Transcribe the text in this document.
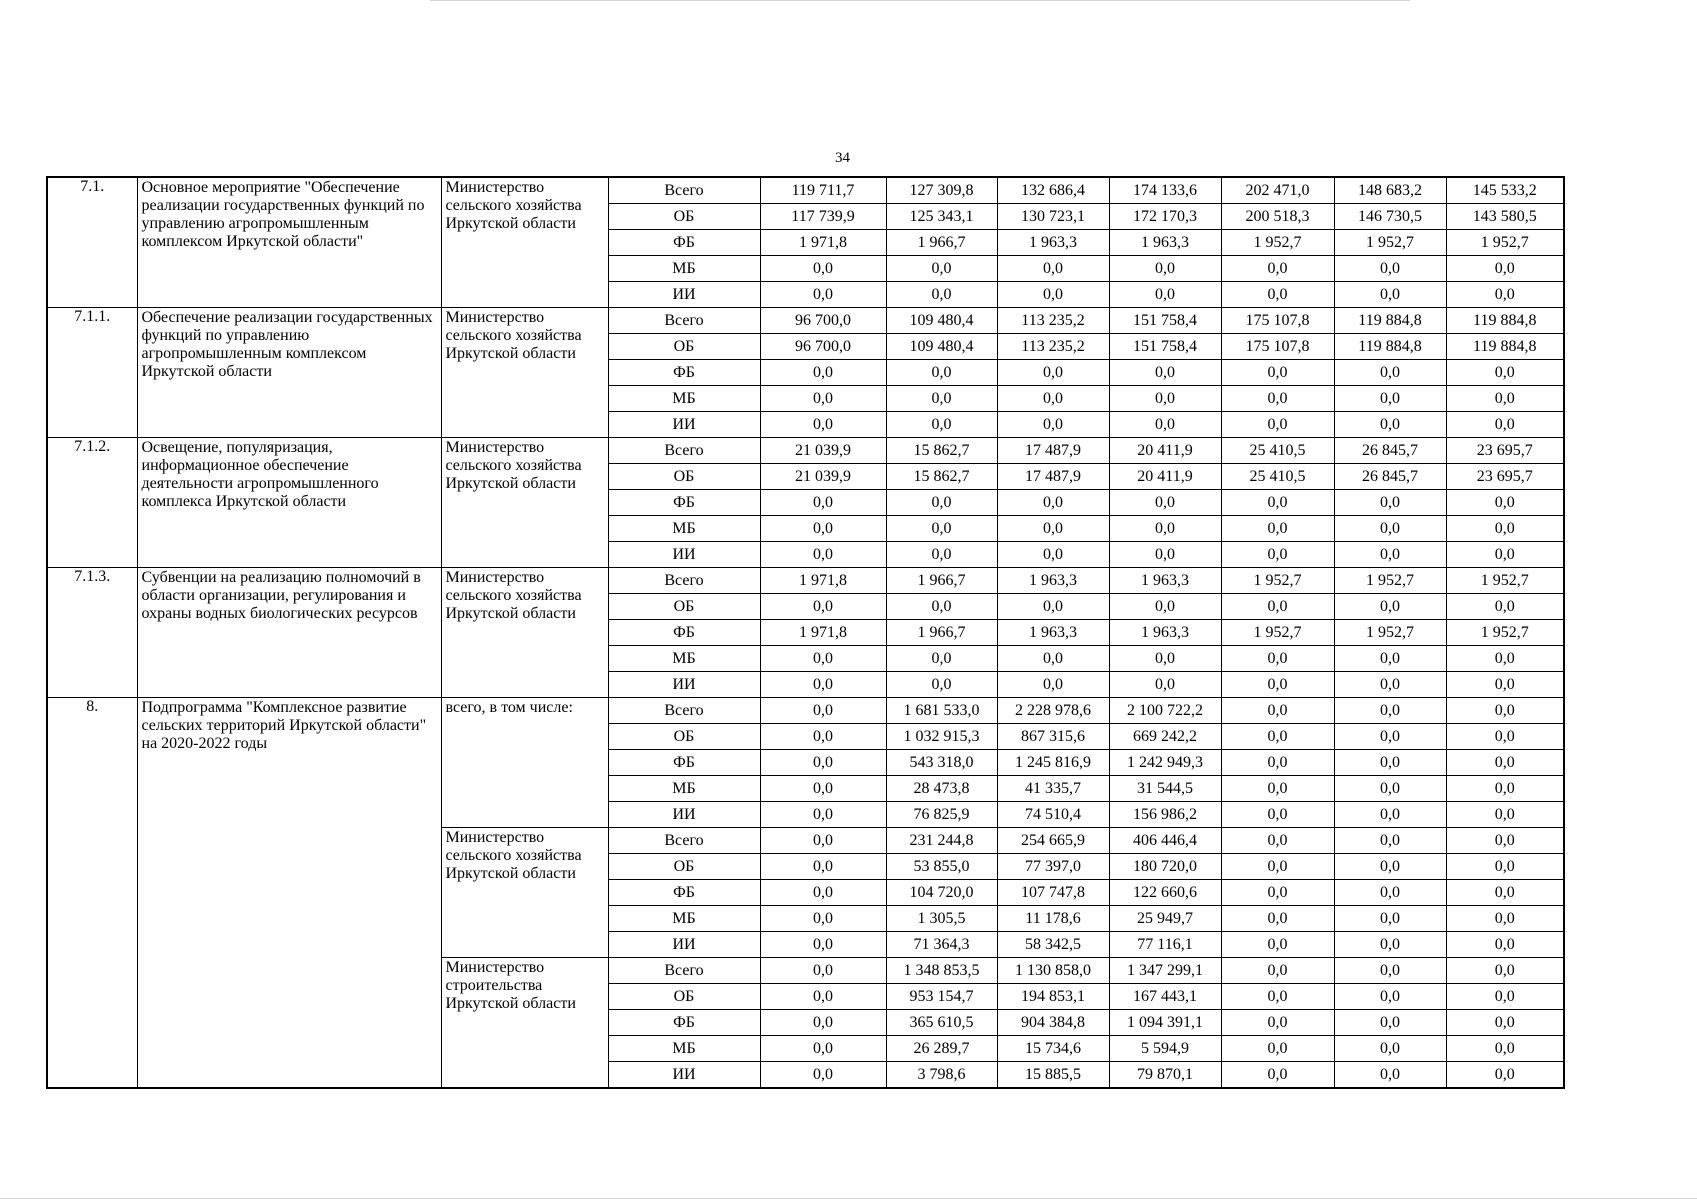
34
7.1.	Основное мероприятие "Обеспечение реализации государственных функций по управлению агропромышленным комплексом Иркутской области"	Министерство сельского хозяйства Иркутской области	Всего	119 711,7	127 309,8	132 686,4	174 133,6	202 471,0	148 683,2	145 533,2
			ОБ	117 739,9	125 343,1	130 723,1	172 170,3	200 518,3	146 730,5	143 580,5
			ФБ	1 971,8	1 966,7	1 963,3	1 963,3	1 952,7	1 952,7	1 952,7
			МБ	0,0	0,0	0,0	0,0	0,0	0,0	0,0
			ИИ	0,0	0,0	0,0	0,0	0,0	0,0	0,0
7.1.1.	Обеспечение реализации государственных функций по управлению агропромышленным комплексом Иркутской области	Министерство сельского хозяйства Иркутской области	Всего	96 700,0	109 480,4	113 235,2	151 758,4	175 107,8	119 884,8	119 884,8
			ОБ	96 700,0	109 480,4	113 235,2	151 758,4	175 107,8	119 884,8	119 884,8
			ФБ	0,0	0,0	0,0	0,0	0,0	0,0	0,0
			МБ	0,0	0,0	0,0	0,0	0,0	0,0	0,0
			ИИ	0,0	0,0	0,0	0,0	0,0	0,0	0,0
7.1.2.	Освещение, популяризация, информационное обеспечение деятельности агропромышленного комплекса Иркутской области	Министерство сельского хозяйства Иркутской области	Всего	21 039,9	15 862,7	17 487,9	20 411,9	25 410,5	26 845,7	23 695,7
			ОБ	21 039,9	15 862,7	17 487,9	20 411,9	25 410,5	26 845,7	23 695,7
			ФБ	0,0	0,0	0,0	0,0	0,0	0,0	0,0
			МБ	0,0	0,0	0,0	0,0	0,0	0,0	0,0
			ИИ	0,0	0,0	0,0	0,0	0,0	0,0	0,0
7.1.3.	Субвенции на реализацию полномочий в области организации, регулирования и охраны водных биологических ресурсов	Министерство сельского хозяйства Иркутской области	Всего	1 971,8	1 966,7	1 963,3	1 963,3	1 952,7	1 952,7	1 952,7
			ОБ	0,0	0,0	0,0	0,0	0,0	0,0	0,0
			ФБ	1 971,8	1 966,7	1 963,3	1 963,3	1 952,7	1 952,7	1 952,7
			МБ	0,0	0,0	0,0	0,0	0,0	0,0	0,0
			ИИ	0,0	0,0	0,0	0,0	0,0	0,0	0,0
8.	Подпрограмма "Комплексное развитие сельских территорий Иркутской области" на 2020-2022 годы	всего, в том числе:	Всего	0,0	1 681 533,0	2 228 978,6	2 100 722,2	0,0	0,0	0,0
			ОБ	0,0	1 032 915,3	867 315,6	669 242,2	0,0	0,0	0,0
			ФБ	0,0	543 318,0	1 245 816,9	1 242 949,3	0,0	0,0	0,0
			МБ	0,0	28 473,8	41 335,7	31 544,5	0,0	0,0	0,0
			ИИ	0,0	76 825,9	74 510,4	156 986,2	0,0	0,0	0,0
		Министерство сельского хозяйства Иркутской области	Всего	0,0	231 244,8	254 665,9	406 446,4	0,0	0,0	0,0
			ОБ	0,0	53 855,0	77 397,0	180 720,0	0,0	0,0	0,0
			ФБ	0,0	104 720,0	107 747,8	122 660,6	0,0	0,0	0,0
			МБ	0,0	1 305,5	11 178,6	25 949,7	0,0	0,0	0,0
			ИИ	0,0	71 364,3	58 342,5	77 116,1	0,0	0,0	0,0
		Министерство строительства Иркутской области	Всего	0,0	1 348 853,5	1 130 858,0	1 347 299,1	0,0	0,0	0,0
			ОБ	0,0	953 154,7	194 853,1	167 443,1	0,0	0,0	0,0
			ФБ	0,0	365 610,5	904 384,8	1 094 391,1	0,0	0,0	0,0
			МБ	0,0	26 289,7	15 734,6	5 594,9	0,0	0,0	0,0
			ИИ	0,0	3 798,6	15 885,5	79 870,1	0,0	0,0	0,0
